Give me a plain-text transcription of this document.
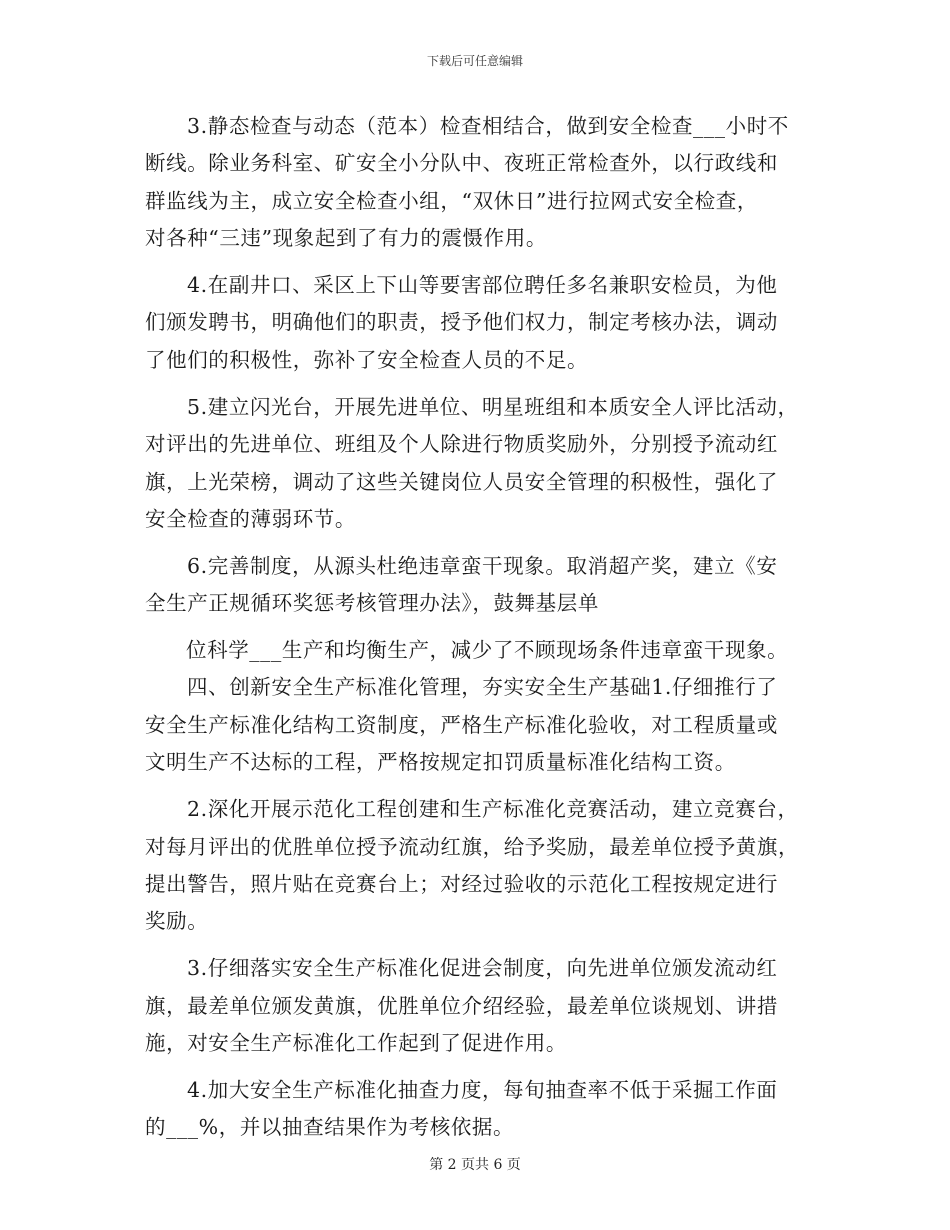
下载后可任意编辑
3.静态检查与动态（范本）检查相结合，做到安全检查___小时不
断线。除业务科室、矿安全小分队中、夜班正常检查外，以行政线和
群监线为主，成立安全检查小组，“双休日”进行拉网式安全检查，
对各种“三违”现象起到了有力的震慑作用。
4.在副井口、采区上下山等要害部位聘任多名兼职安检员，为他
们颁发聘书，明确他们的职责，授予他们权力，制定考核办法，调动
了他们的积极性，弥补了安全检查人员的不足。
5.建立闪光台，开展先进单位、明星班组和本质安全人评比活动，
对评出的先进单位、班组及个人除进行物质奖励外，分别授予流动红
旗，上光荣榜，调动了这些关键岗位人员安全管理的积极性，强化了
安全检查的薄弱环节。
6.完善制度，从源头杜绝违章蛮干现象。取消超产奖，建立《安
全生产正规循环奖惩考核管理办法》，鼓舞基层单
位科学___生产和均衡生产，减少了不顾现场条件违章蛮干现象。
四、创新安全生产标准化管理，夯实安全生产基础1.仔细推行了
安全生产标准化结构工资制度，严格生产标准化验收，对工程质量或
文明生产不达标的工程，严格按规定扣罚质量标准化结构工资。
2.深化开展示范化工程创建和生产标准化竞赛活动，建立竞赛台，
对每月评出的优胜单位授予流动红旗，给予奖励，最差单位授予黄旗，
提出警告，照片贴在竞赛台上；对经过验收的示范化工程按规定进行
奖励。
3.仔细落实安全生产标准化促进会制度，向先进单位颁发流动红
旗，最差单位颁发黄旗，优胜单位介绍经验，最差单位谈规划、讲措
施，对安全生产标准化工作起到了促进作用。
4.加大安全生产标准化抽查力度，每旬抽查率不低于采掘工作面
的___%，并以抽查结果作为考核依据。
第 2 页共 6 页
